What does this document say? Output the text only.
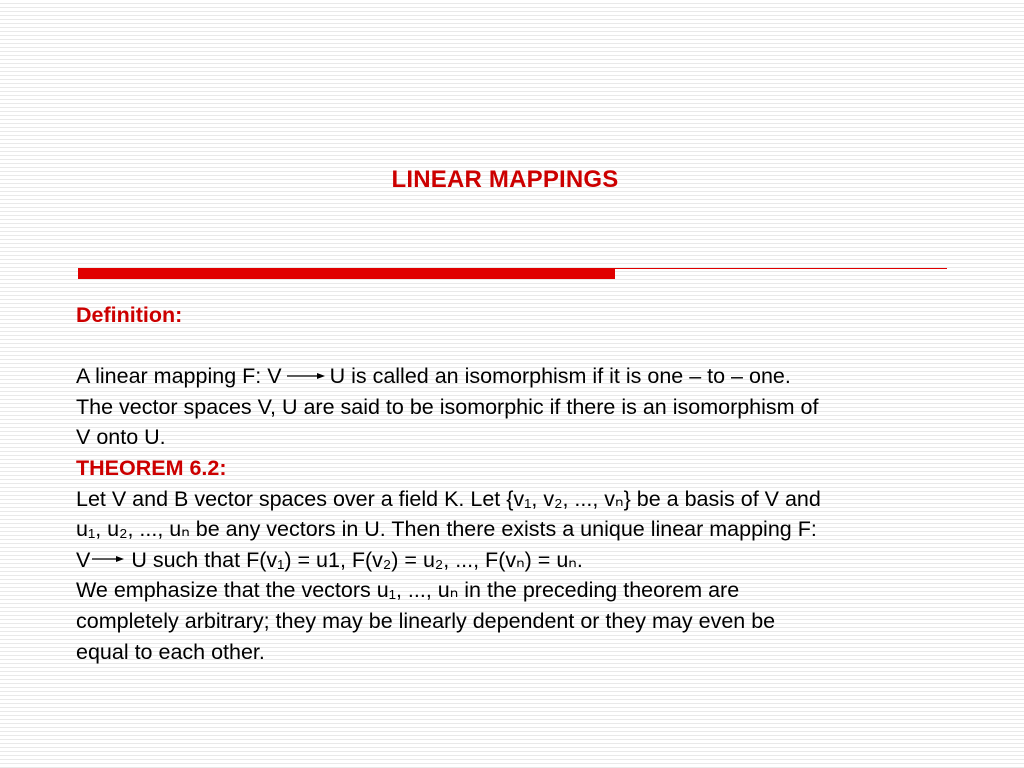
LINEAR MAPPINGS
Definition:
A linear mapping F: V U is called an isomorphism if it is one – to – one.
The vector spaces V, U are said to be isomorphic if there is an isomorphism of
V onto U.
THEOREM 6.2:
Let V and B vector spaces over a field K. Let {v₁, v₂, ..., vₙ} be a basis of V and
u₁, u₂, ..., uₙ be any vectors in U. Then there exists a unique linear mapping F:
V U such that F(v₁) = u1, F(v₂) = u₂, ..., F(vₙ) = uₙ.
We emphasize that the vectors u₁, ..., uₙ in the preceding theorem are
completely arbitrary; they may be linearly dependent or they may even be
equal to each other.
